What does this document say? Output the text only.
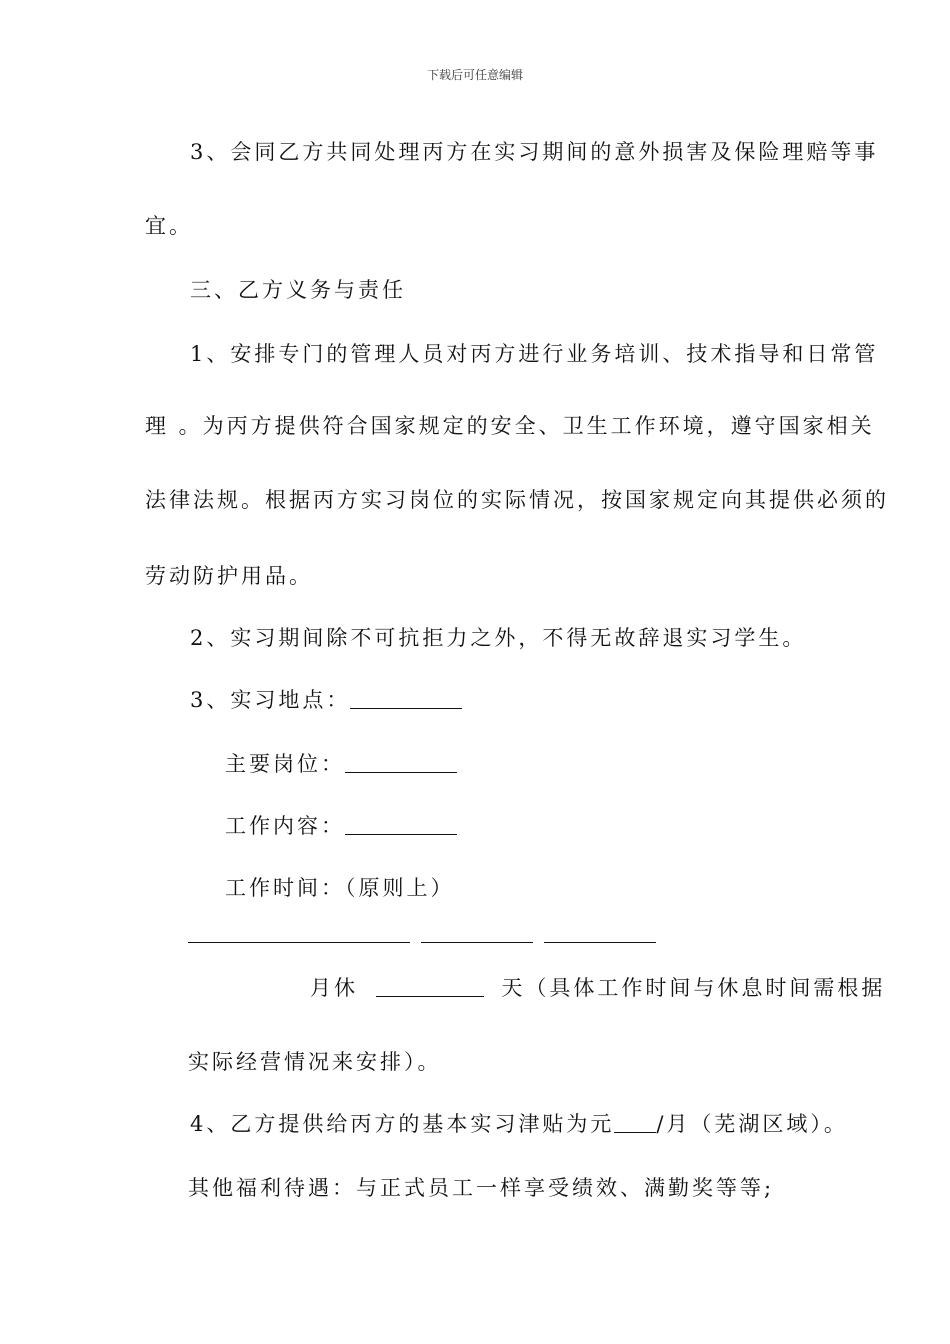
下载后可任意编辑
3、会同乙方共同处理丙方在实习期间的意外损害及保险理赔等事
宜。
三、乙方义务与责任
1、安排专门的管理人员对丙方进行业务培训、技术指导和日常管
理 。为丙方提供符合国家规定的安全、卫生工作环境，遵守国家相关
法律法规。根据丙方实习岗位的实际情况，按国家规定向其提供必须的
劳动防护用品。
2、实习期间除不可抗拒力之外，不得无故辞退实习学生。
3、实习地点：
主要岗位：
工作内容：
工作时间：（原则上）
月休	天（具体工作时间与休息时间需根据
实际经营情况来安排）。
4、乙方提供给丙方的基本实习津贴为元 /月（芜湖区域）。
其他福利待遇：与正式员工一样享受绩效、满勤奖等等;
